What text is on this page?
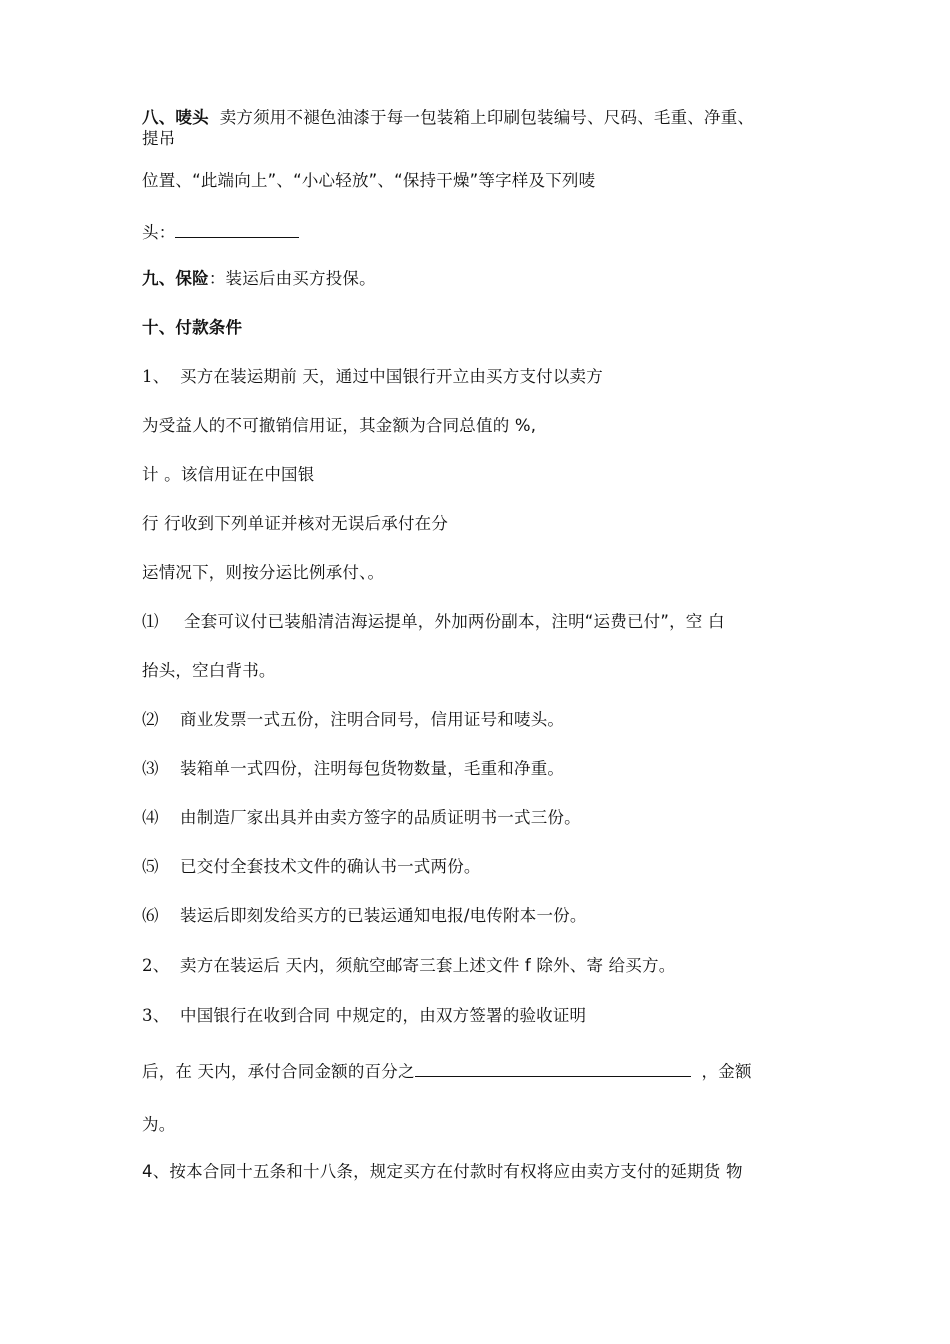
八、唛头 卖方须用不褪色油漆于每一包装箱上印刷包装编号、尺码、毛重、净重、
提吊
位置、“此端向上”、“小心轻放”、“保持干燥”等字样及下列唛
头：
九、保险：装运后由买方投保。
十、付款条件
1、 买方在装运期前 天，通过中国银行开立由买方支付以卖方
为受益人的不可撤销信用证，其金额为合同总值的 %,
计 。该信用证在中国银
行 行收到下列单证并核对无误后承付在分
运情况下，则按分运比例承付、。
⑴ 全套可议付已装船清洁海运提单，外加两份副本，注明“运费已付”，空 白
抬头，空白背书。
⑵ 商业发票一式五份，注明合同号，信用证号和唛头。
⑶ 装箱单一式四份，注明每包货物数量，毛重和净重。
⑷ 由制造厂家出具并由卖方签字的品质证明书一式三份。
⑸ 已交付全套技术文件的确认书一式两份。
⑹ 装运后即刻发给买方的已装运通知电报/电传附本一份。
2、 卖方在装运后 天内，须航空邮寄三套上述文件 f 除外、寄 给买方。
3、 中国银行在收到合同 中规定的，由双方签署的验收证明
后，在 天内，承付合同金额的百分之	，金额
为。
4、按本合同十五条和十八条，规定买方在付款时有权将应由卖方支付的延期货 物
